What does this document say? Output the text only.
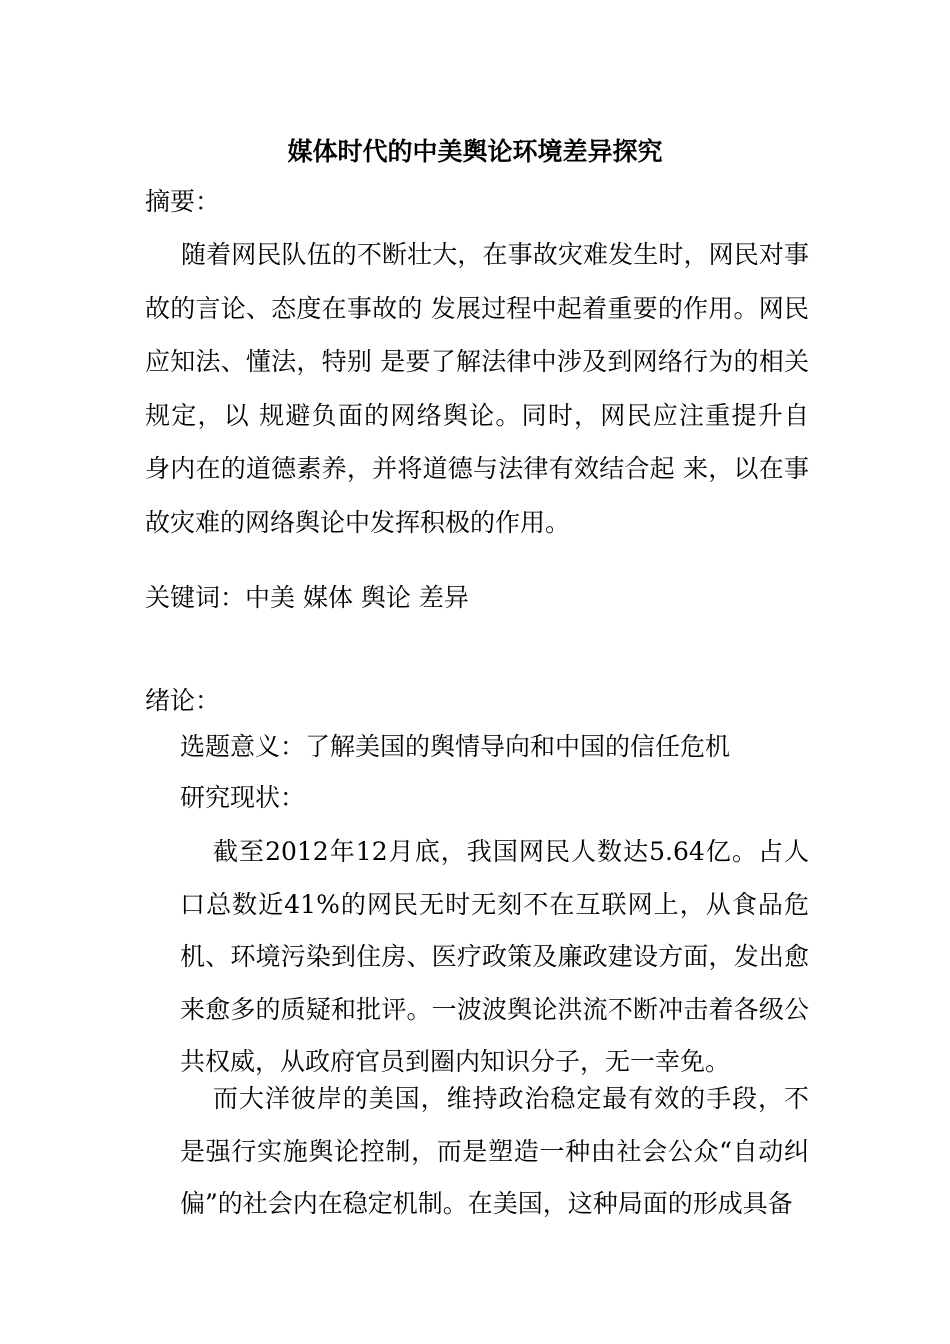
媒体时代的中美舆论环境差异探究

摘要：

随着网民队伍的不断壮大，在事故灾难发生时，网民对事故的言论、态度在事故的 发展过程中起着重要的作用。网民应知法、懂法，特别 是要了解法律中涉及到网络行为的相关规定，以 规避负面的网络舆论。同时，网民应注重提升自 身内在的道德素养，并将道德与法律有效结合起 来，以在事故灾难的网络舆论中发挥积极的作用。

关键词：中美 媒体 舆论 差异

绪论：

选题意义：了解美国的舆情导向和中国的信任危机

研究现状：

截至2012年12月底，我国网民人数达5.64亿。占人口总数近41%的网民无时无刻不在互联网上，从食品危机、环境污染到住房、医疗政策及廉政建设方面，发出愈来愈多的质疑和批评。一波波舆论洪流不断冲击着各级公共权威，从政府官员到圈内知识分子，无一幸免。

而大洋彼岸的美国，维持政治稳定最有效的手段，不是强行实施舆论控制，而是塑造一种由社会公众“自动纠偏”的社会内在稳定机制。在美国，这种局面的形成具备
